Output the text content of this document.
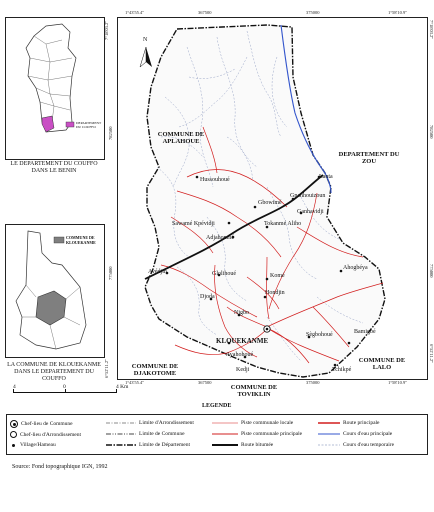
DEPARTEMENT DU COUFFO
LE DEPARTEMENT DU COUFFO DANS LE BENIN
COMMUNE DE KLOUEKANME
LA COMMUNE DE KLOUEKANME DANS LE DEPARTEMENT DU COUFFO
1°43'55.4"	367500	375000	1°58'10.9"
1°43'55.4"	367500	375000	1°58'10.9"
7°18'03.2"
782500
775000
6°52'11.2"
7°18'03.2"
782500
775000
6°52'11.2"
N
COMMUNE DE APLAHOUE
DEPARTEMENT DU ZOU
COMMUNE DE DJAKOTOME
COMMUNE DE TOVIKLIN
COMMUNE DE LALO
Hussouhoué	Lanta
Gbowimé
Gnanhouizoun
Ganhavidji
Sawamé Kpévidji	Tokanmé Aliho
Adjahonmé
Avédjin	Glolihoué	Komé
Ahogbéya
Hondjin
Djoda
Nigbo
KLOUEKANME
Ayahohoué
Sègbohoué	Bamigbé
Kedji	Tchikpé
4	0	4 Km
LEGENDE
Chef-lieu de Commune
Chef-lieu d'Arrondissement
Village/Hameau
Limite d'Arrondissement
Limite de Commune
Limite de Département
Piste communale locale
Piste communale principale
Route bitumée
Route principale
Cours d'eau principale
Cours d'eau temporaire
Source: Fond topographique IGN, 1992
